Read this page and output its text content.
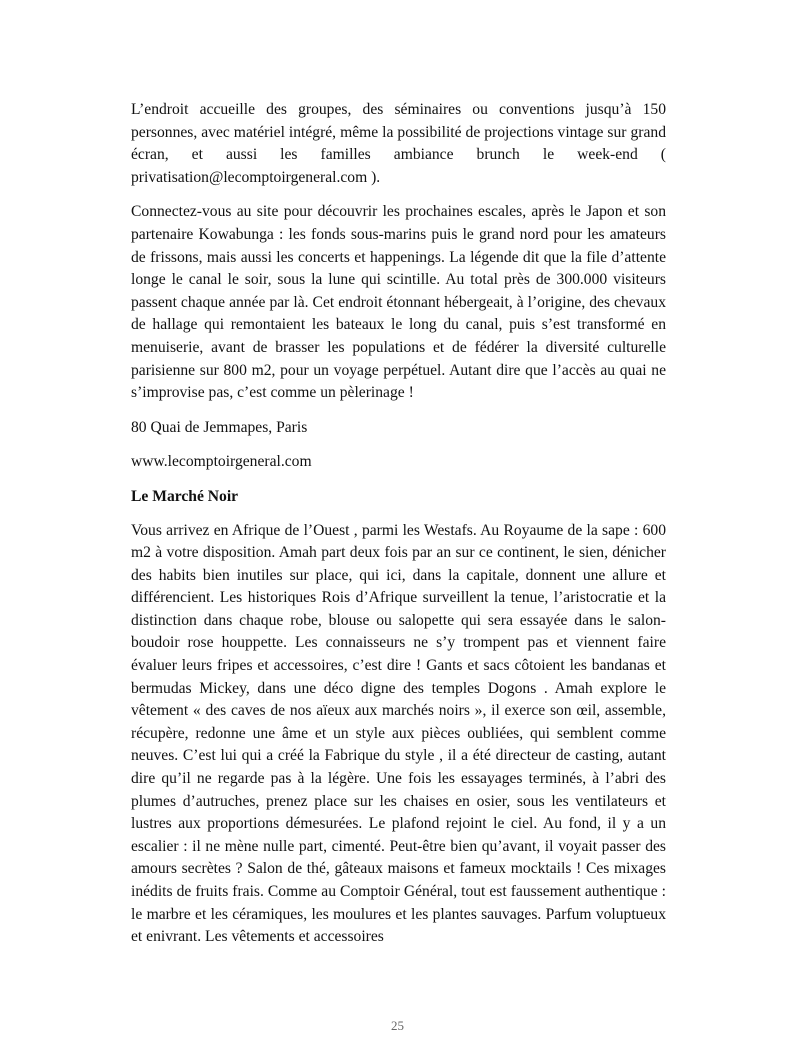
L’endroit accueille des groupes, des séminaires ou conventions jusqu’à 150 personnes, avec matériel intégré, même la possibilité de projections vintage sur grand écran, et aussi les familles ambiance brunch le week-end ( privatisation@lecomptoirgeneral.com ).

Connectez-vous au site pour découvrir les prochaines escales, après le Japon et son partenaire Kowabunga : les fonds sous-marins puis le grand nord pour les amateurs de frissons, mais aussi les concerts et happenings. La légende dit que la file d’attente longe le canal le soir, sous la lune qui scintille. Au total près de 300.000 visiteurs passent chaque année par là. Cet endroit étonnant hébergeait, à l’origine, des chevaux de hallage qui remontaient les bateaux le long du canal, puis s’est transformé en menuiserie, avant de brasser les populations et de fédérer la diversité culturelle parisienne sur 800 m2, pour un voyage perpétuel. Autant dire que l’accès au quai ne s’improvise pas, c’est comme un pèlerinage !

80 Quai de Jemmapes, Paris

www.lecomptoirgeneral.com

Le Marché Noir

Vous arrivez en Afrique de l’Ouest , parmi les Westafs. Au Royaume de la sape : 600 m2 à votre disposition. Amah part deux fois par an sur ce continent, le sien, dénicher des habits bien inutiles sur place, qui ici, dans la capitale, donnent une allure et différencient. Les historiques Rois d’Afrique surveillent la tenue, l’aristocratie et la distinction dans chaque robe, blouse ou salopette qui sera essayée dans le salon-boudoir rose houppette. Les connaisseurs ne s’y trompent pas et viennent faire évaluer leurs fripes et accessoires, c’est dire ! Gants et sacs côtoient les bandanas et bermudas Mickey, dans une déco digne des temples Dogons . Amah explore le vêtement « des caves de nos aïeux aux marchés noirs », il exerce son œil, assemble, récupère, redonne une âme et un style aux pièces oubliées, qui semblent comme neuves. C’est lui qui a créé la Fabrique du style , il a été directeur de casting, autant dire qu’il ne regarde pas à la légère. Une fois les essayages terminés, à l’abri des plumes d’autruches, prenez place sur les chaises en osier, sous les ventilateurs et lustres aux proportions démesurées. Le plafond rejoint le ciel. Au fond, il y a un escalier : il ne mène nulle part, cimenté. Peut-être bien qu’avant, il voyait passer des amours secrètes ? Salon de thé, gâteaux maisons et fameux mocktails ! Ces mixages inédits de fruits frais. Comme au Comptoir Général, tout est faussement authentique : le marbre et les céramiques, les moulures et les plantes sauvages. Parfum voluptueux et enivrant. Les vêtements et accessoires

25
